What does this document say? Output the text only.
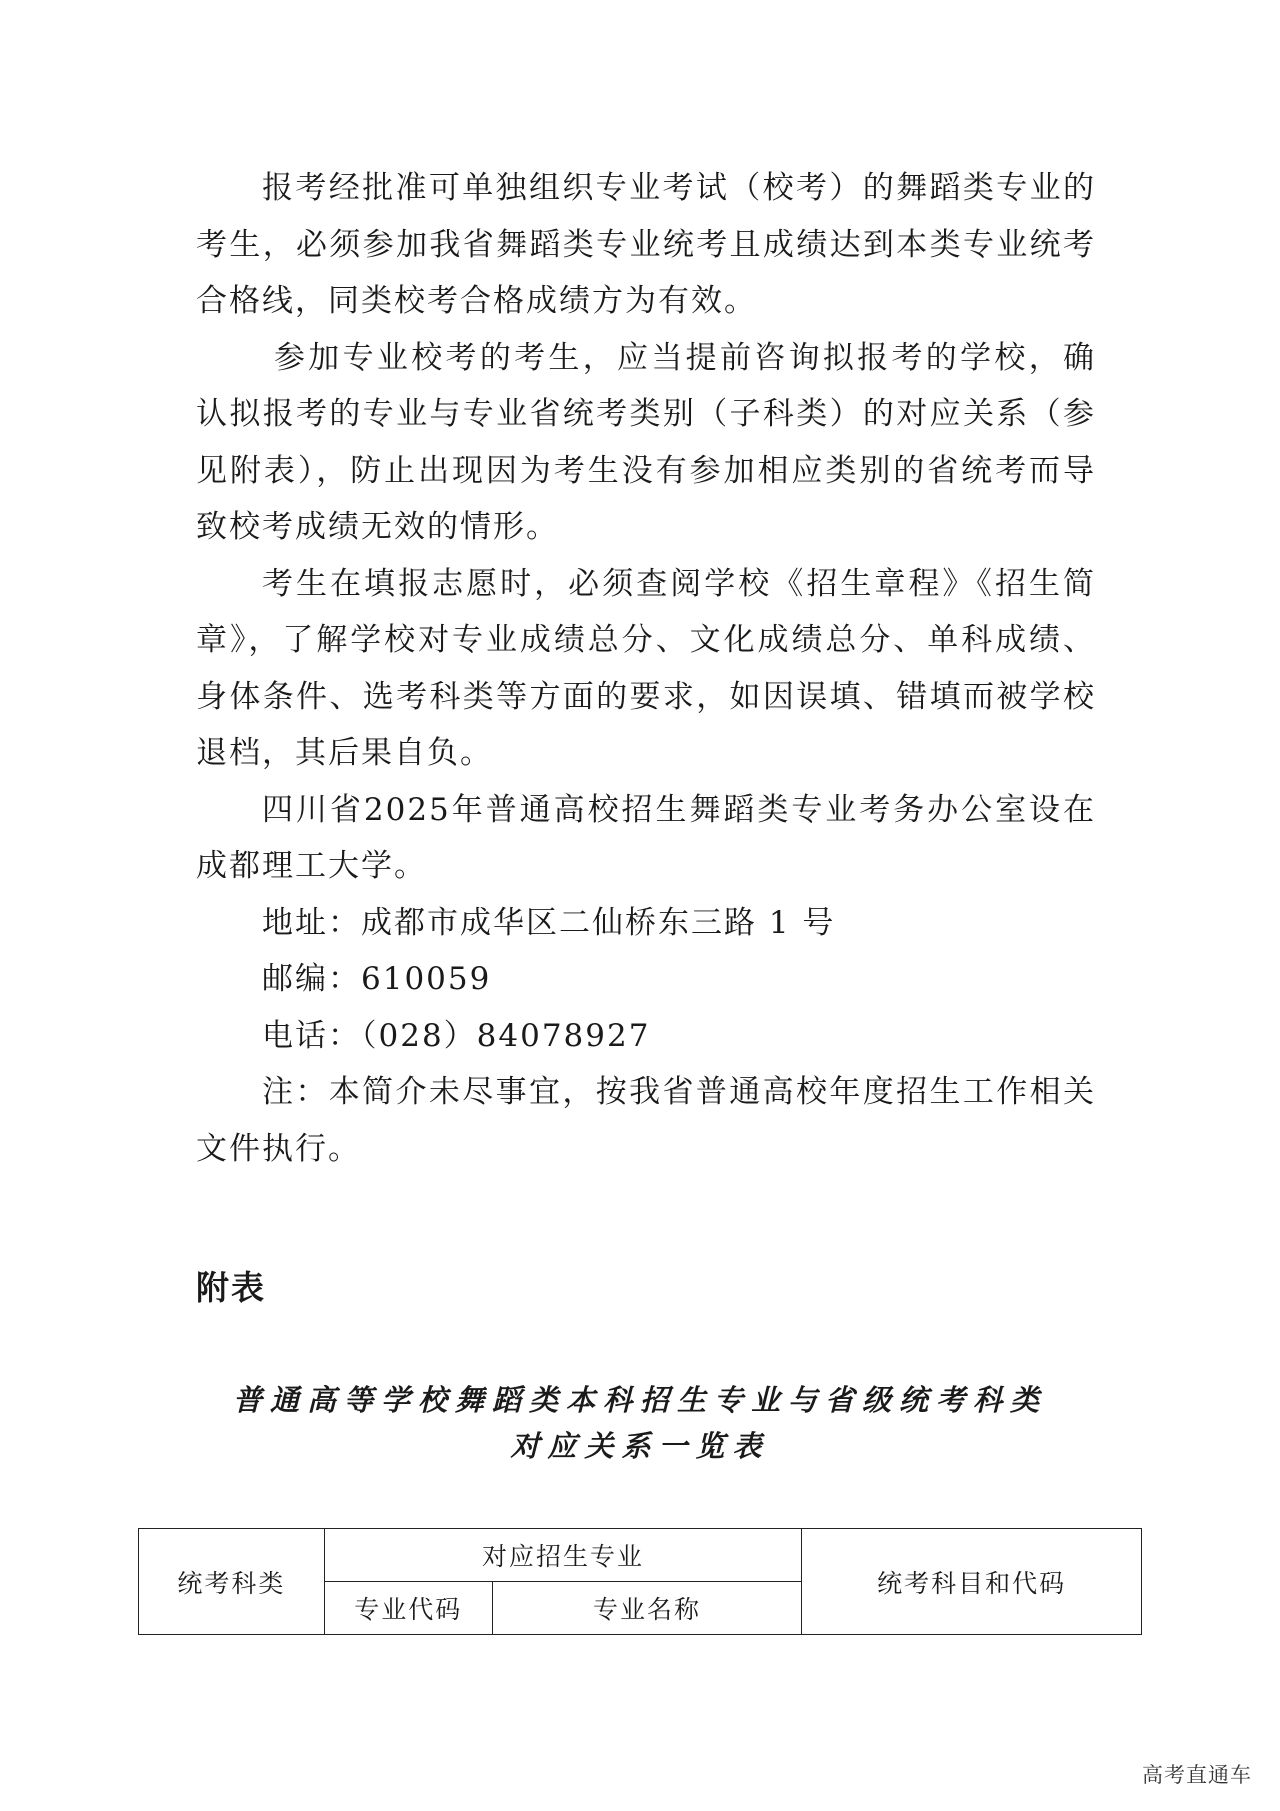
报考经批准可单独组织专业考试（校考）的舞蹈类专业的考生，必须参加我省舞蹈类专业统考且成绩达到本类专业统考合格线，同类校考合格成绩方为有效。

参加专业校考的考生，应当提前咨询拟报考的学校，确认拟报考的专业与专业省统考类别（子科类）的对应关系（参见附表），防止出现因为考生没有参加相应类别的省统考而导致校考成绩无效的情形。

考生在填报志愿时，必须查阅学校《招生章程》《招生简章》，了解学校对专业成绩总分、文化成绩总分、单科成绩、身体条件、选考科类等方面的要求，如因误填、错填而被学校退档，其后果自负。

四川省2025年普通高校招生舞蹈类专业考务办公室设在成都理工大学。

地址：成都市成华区二仙桥东三路 1 号

邮编：610059

电话：（028）84078927

注：本简介未尽事宜，按我省普通高校年度招生工作相关文件执行。

附表
普通高等学校舞蹈类本科招生专业与省级统考科类
对应关系一览表
统考科类	对应招生专业		统考科目和代码
	专业代码	专业名称	
高考直通车
